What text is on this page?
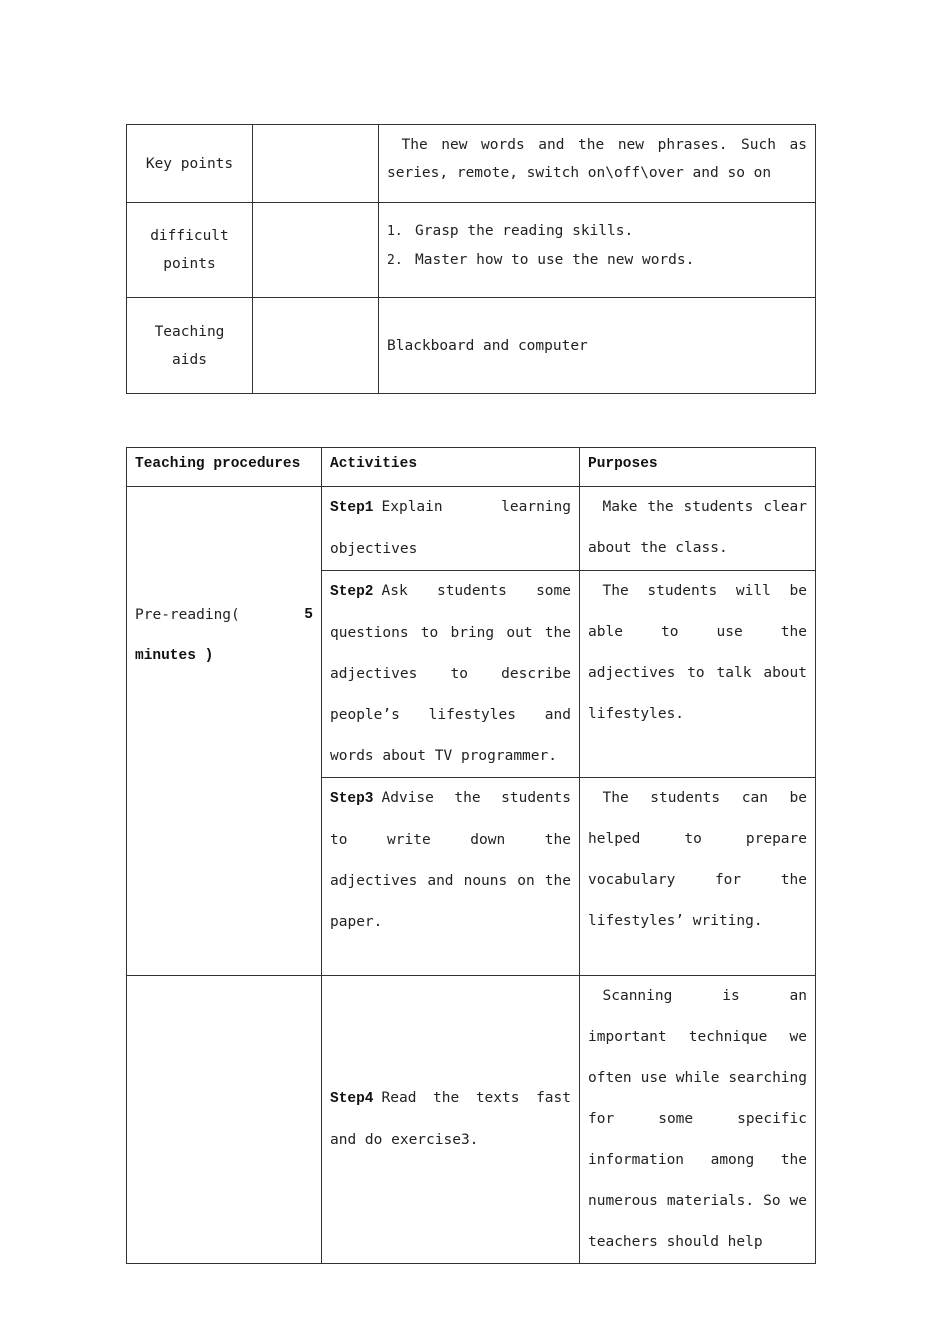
Key points		The new words and the new phrases. Such as series, remote, switch on\off\over and so on
difficult points		1. Grasp the reading skills.
2. Master how to use the new words.

Teaching aids		Blackboard and computer
Teaching procedures	Activities	Purposes

Pre-reading( 5
minutes )	Step1 Explain learning objectives	Make the students clear about the class.
	Step2 Ask students some questions to bring out the adjectives to describe people’s lifestyles and words about TV programmer.	The students will be able to use the adjectives to talk about lifestyles.
	Step3 Advise the students to write down the adjectives and nouns on the paper.	The students can be helped to prepare vocabulary for the lifestyles’ writing.
	Step4 Read the texts fast and do exercise3.	Scanning is an important technique we often use while searching for some specific information among the numerous materials. So we teachers should help
